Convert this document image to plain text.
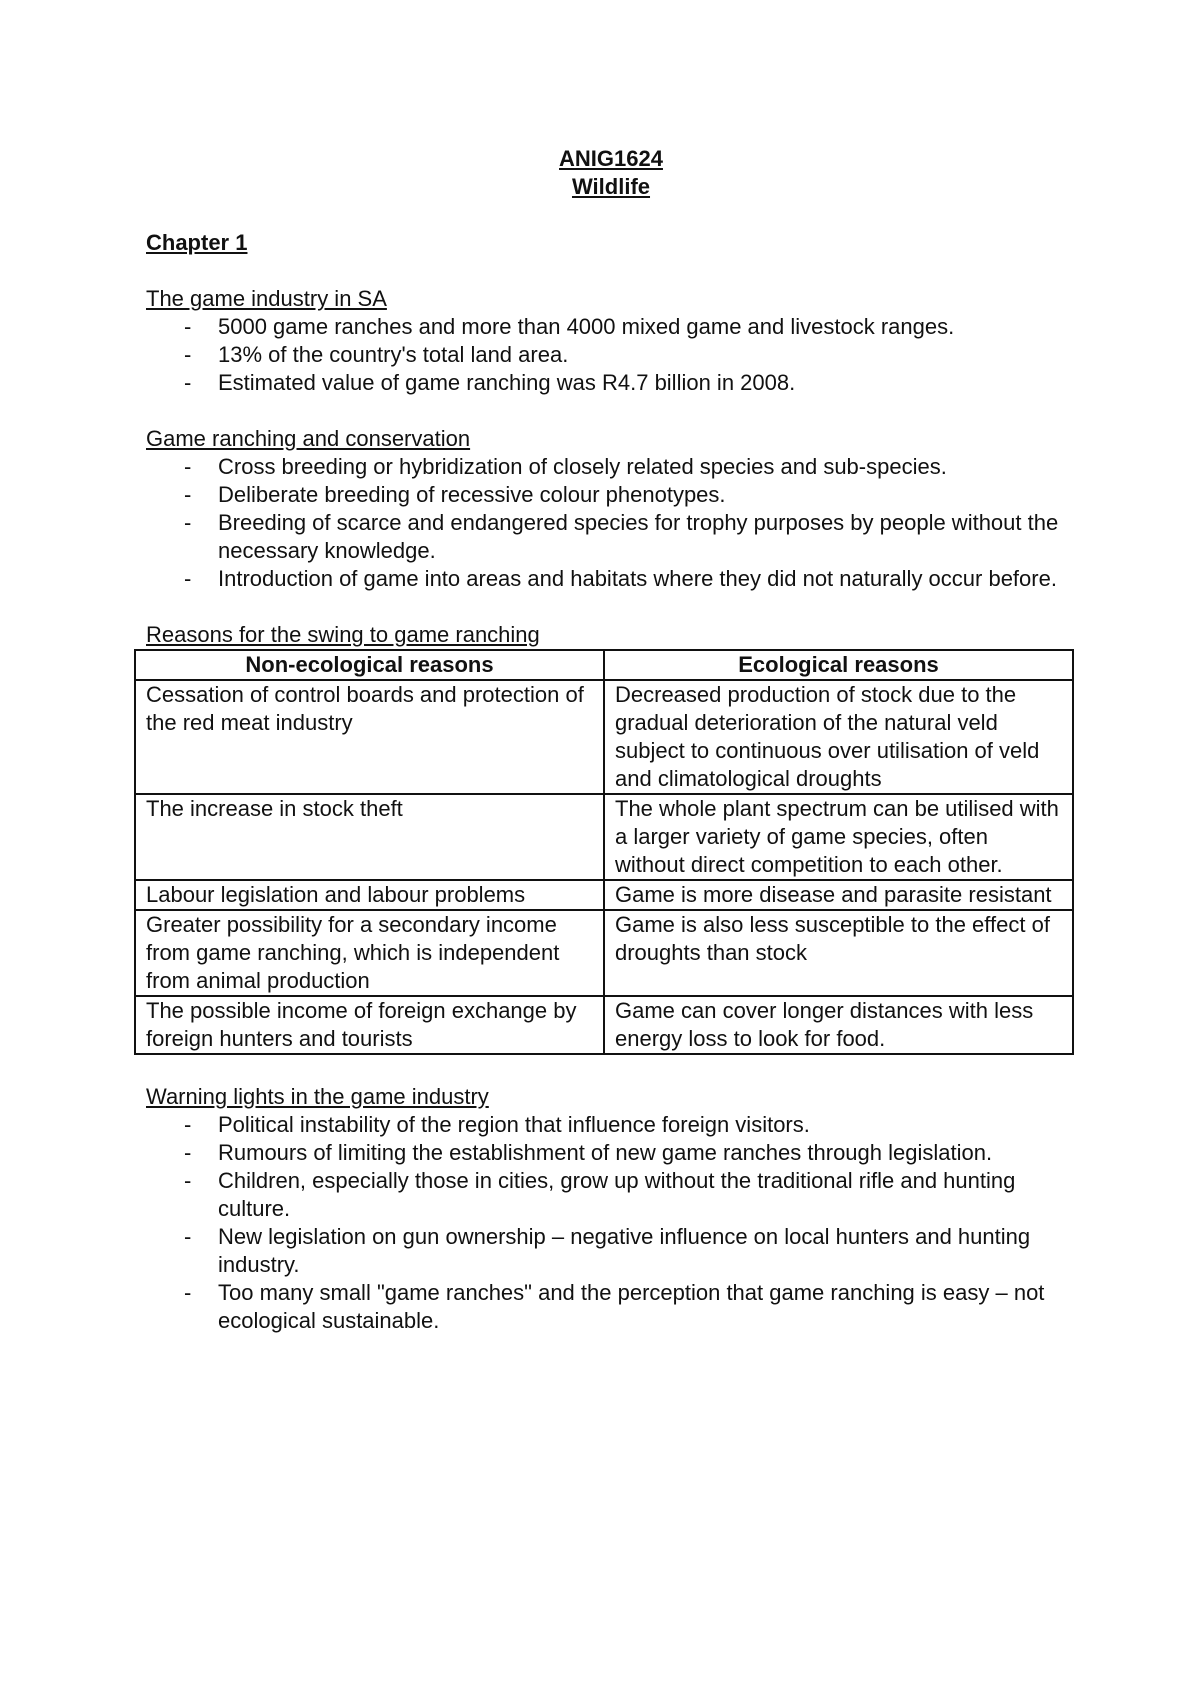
ANIG1624
Wildlife
Chapter 1
The game industry in SA
- 5000 game ranches and more than 4000 mixed game and livestock ranges.
- 13% of the country's total land area.
- Estimated value of game ranching was R4.7 billion in 2008.
Game ranching and conservation
- Cross breeding or hybridization of closely related species and sub-species.
- Deliberate breeding of recessive colour phenotypes.
- Breeding of scarce and endangered species for trophy purposes by people without the necessary knowledge.
- Introduction of game into areas and habitats where they did not naturally occur before.
Reasons for the swing to game ranching
Non-ecological reasons	Ecological reasons
Cessation of control boards and protection of the red meat industry	Decreased production of stock due to the gradual deterioration of the natural veld subject to continuous over utilisation of veld and climatological droughts
The increase in stock theft	The whole plant spectrum can be utilised with a larger variety of game species, often without direct competition to each other.
Labour legislation and labour problems	Game is more disease and parasite resistant
Greater possibility for a secondary income from game ranching, which is independent from animal production	Game is also less susceptible to the effect of droughts than stock
The possible income of foreign exchange by foreign hunters and tourists	Game can cover longer distances with less energy loss to look for food.
Warning lights in the game industry
- Political instability of the region that influence foreign visitors.
- Rumours of limiting the establishment of new game ranches through legislation.
- Children, especially those in cities, grow up without the traditional rifle and hunting culture.
- New legislation on gun ownership – negative influence on local hunters and hunting industry.
- Too many small "game ranches" and the perception that game ranching is easy – not ecological sustainable.
